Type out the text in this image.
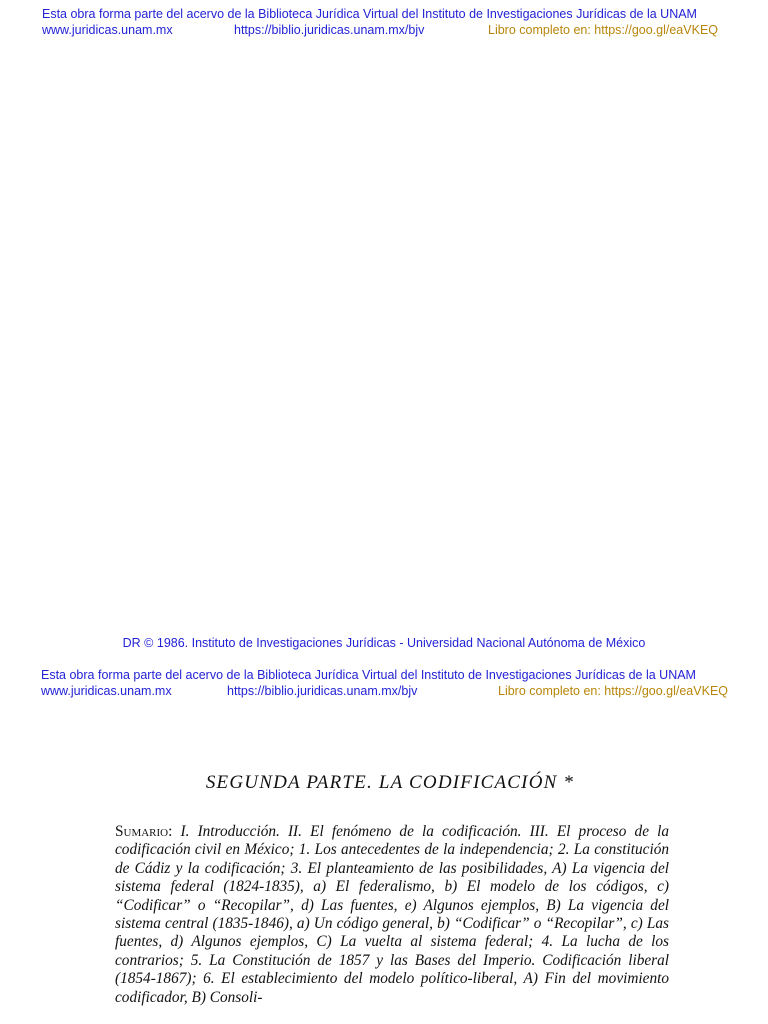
Esta obra forma parte del acervo de la Biblioteca Jurídica Virtual del Instituto de Investigaciones Jurídicas de la UNAM
www.juridicas.unam.mx	https://biblio.juridicas.unam.mx/bjv	Libro completo en: https://goo.gl/eaVKEQ
DR © 1986. Instituto de Investigaciones Jurídicas - Universidad Nacional Autónoma de México
Esta obra forma parte del acervo de la Biblioteca Jurídica Virtual del Instituto de Investigaciones Jurídicas de la UNAM
www.juridicas.unam.mx	https://biblio.juridicas.unam.mx/bjv	Libro completo en: https://goo.gl/eaVKEQ
SEGUNDA PARTE. LA CODIFICACIÓN *
Sumario: I. Introducción. II. El fenómeno de la codificación. III. El proceso de la codificación civil en México; 1. Los antecedentes de la independencia; 2. La constitución de Cádiz y la codificación; 3. El planteamiento de las posibilidades, A) La vigencia del sistema federal (1824-1835), a) El federalismo, b) El modelo de los códigos, c) “Codificar” o “Recopilar”, d) Las fuentes, e) Algunos ejemplos, B) La vigencia del sistema central (1835-1846), a) Un código general, b) “Codificar” o “Recopilar”, c) Las fuentes, d) Algunos ejemplos, C) La vuelta al sistema federal; 4. La lucha de los contrarios; 5. La Constitución de 1857 y las Bases del Imperio. Codificación liberal (1854-1867); 6. El establecimiento del modelo político-liberal, A) Fin del movimiento codificador, B) Consoli-
